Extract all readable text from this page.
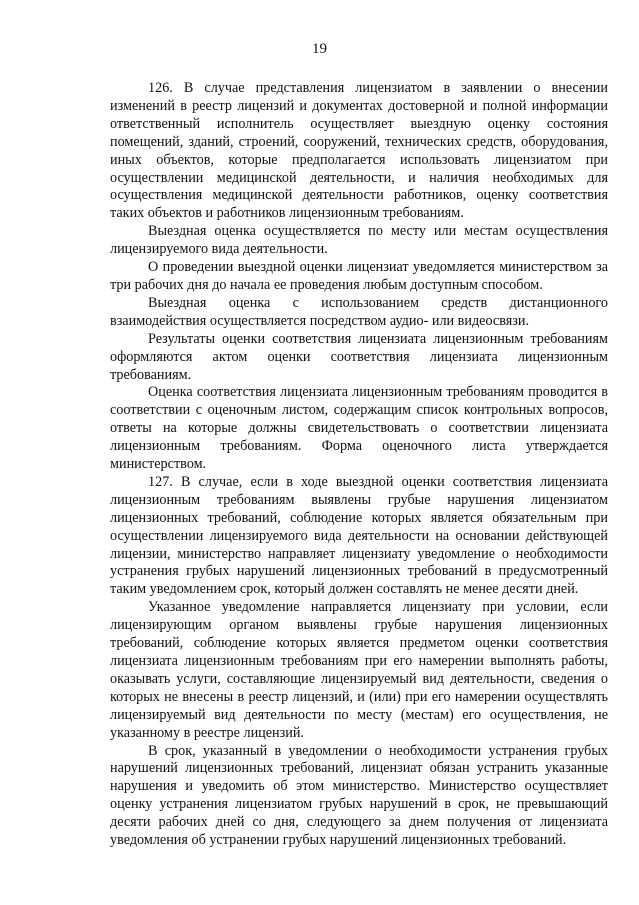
19

126. В случае представления лицензиатом в заявлении о внесении изменений в реестр лицензий и документах достоверной и полной информации ответственный исполнитель осуществляет выездную оценку состояния помещений, зданий, строений, сооружений, технических средств, оборудования, иных объектов, которые предполагается использовать лицензиатом при осуществлении медицинской деятельности, и наличия необходимых для осуществления медицинской деятельности работников, оценку соответствия таких объектов и работников лицензионным требованиям.

Выездная оценка осуществляется по месту или местам осуществления лицензируемого вида деятельности.

О проведении выездной оценки лицензиат уведомляется министерством за три рабочих дня до начала ее проведения любым доступным способом.

Выездная оценка с использованием средств дистанционного взаимодействия осуществляется посредством аудио- или видеосвязи.

Результаты оценки соответствия лицензиата лицензионным требованиям оформляются актом оценки соответствия лицензиата лицензионным требованиям.

Оценка соответствия лицензиата лицензионным требованиям проводится в соответствии с оценочным листом, содержащим список контрольных вопросов, ответы на которые должны свидетельствовать о соответствии лицензиата лицензионным требованиям. Форма оценочного листа утверждается министерством.

127. В случае, если в ходе выездной оценки соответствия лицензиата лицензионным требованиям выявлены грубые нарушения лицензиатом лицензионных требований, соблюдение которых является обязательным при осуществлении лицензируемого вида деятельности на основании действующей лицензии, министерство направляет лицензиату уведомление о необходимости устранения грубых нарушений лицензионных требований в предусмотренный таким уведомлением срок, который должен составлять не менее десяти дней.

Указанное уведомление направляется лицензиату при условии, если лицензирующим органом выявлены грубые нарушения лицензионных требований, соблюдение которых является предметом оценки соответствия лицензиата лицензионным требованиям при его намерении выполнять работы, оказывать услуги, составляющие лицензируемый вид деятельности, сведения о которых не внесены в реестр лицензий, и (или) при его намерении осуществлять лицензируемый вид деятельности по месту (местам) его осуществления, не указанному в реестре лицензий.

В срок, указанный в уведомлении о необходимости устранения грубых нарушений лицензионных требований, лицензиат обязан устранить указанные нарушения и уведомить об этом министерство. Министерство осуществляет оценку устранения лицензиатом грубых нарушений в срок, не превышающий десяти рабочих дней со дня, следующего за днем получения от лицензиата уведомления об устранении грубых нарушений лицензионных требований.
